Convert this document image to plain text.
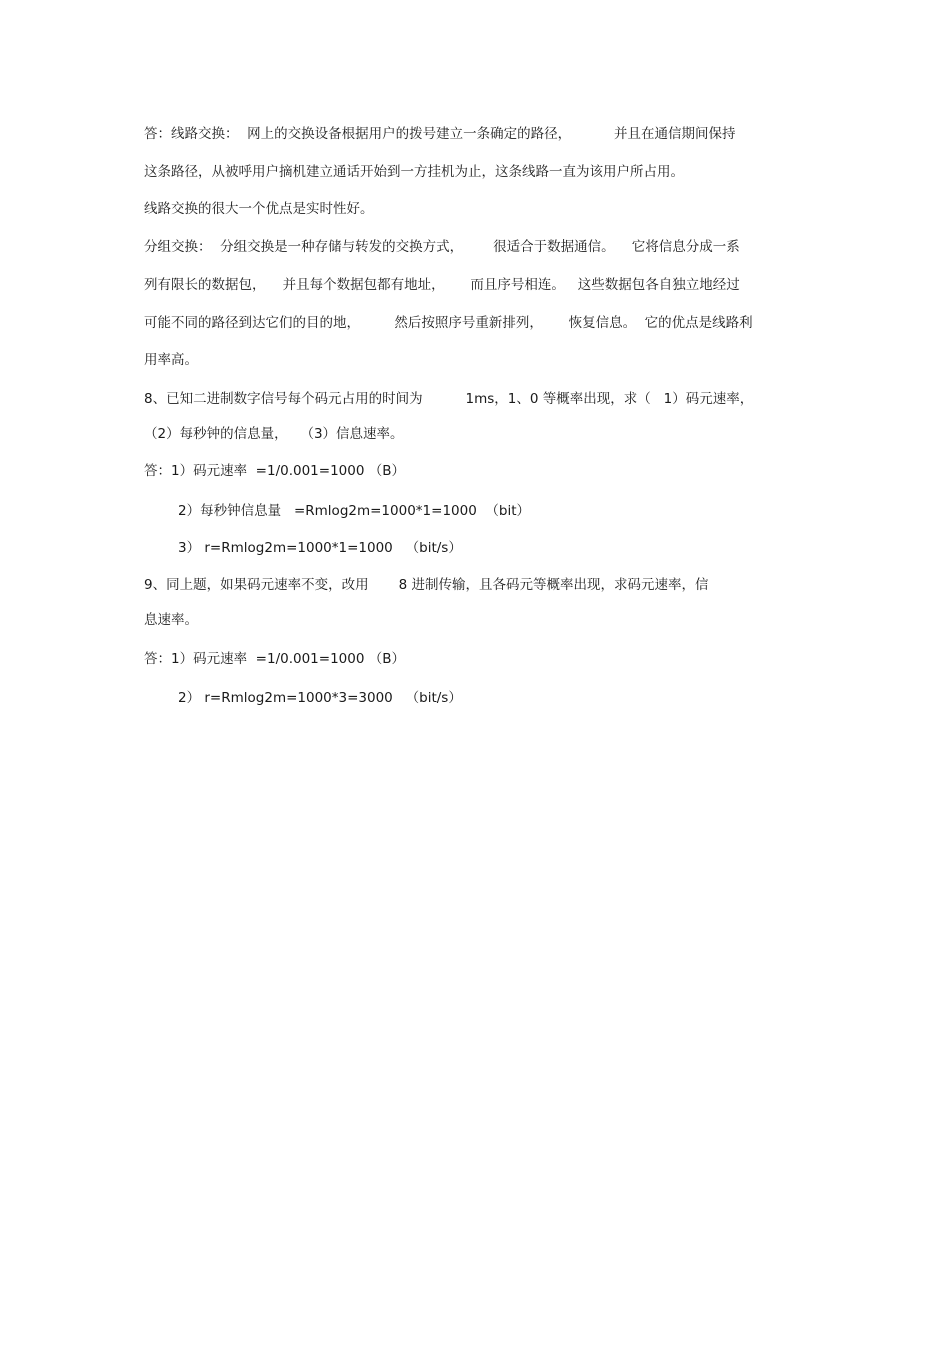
答：线路交换：  网上的交换设备根据用户的拨号建立一条确定的路径，          并且在通信期间保持
这条路径，从被呼用户摘机建立通话开始到一方挂机为止，这条线路一直为该用户所占用。
线路交换的很大一个优点是实时性好。
分组交换：  分组交换是一种存储与转发的交换方式，       很适合于数据通信。    它将信息分成一系
列有限长的数据包，    并且每个数据包都有地址，      而且序号相连。   这些数据包各自独立地经过
可能不同的路径到达它们的目的地，        然后按照序号重新排列，      恢复信息。  它的优点是线路利
用率高。
8、已知二进制数字信号每个码元占用的时间为          1ms，1、0 等概率出现，求（   1）码元速率，
（2）每秒钟的信息量，   （3）信息速率。
答：1）码元速率  =1/0.001=1000 （B）
2）每秒钟信息量   =Rmlog2m=1000*1=1000  （bit）
3） r=Rmlog2m=1000*1=1000   （bit/s）
9、同上题，如果码元速率不变，改用       8 进制传输，且各码元等概率出现，求码元速率，信
息速率。
答：1）码元速率  =1/0.001=1000 （B）
2） r=Rmlog2m=1000*3=3000   （bit/s）
